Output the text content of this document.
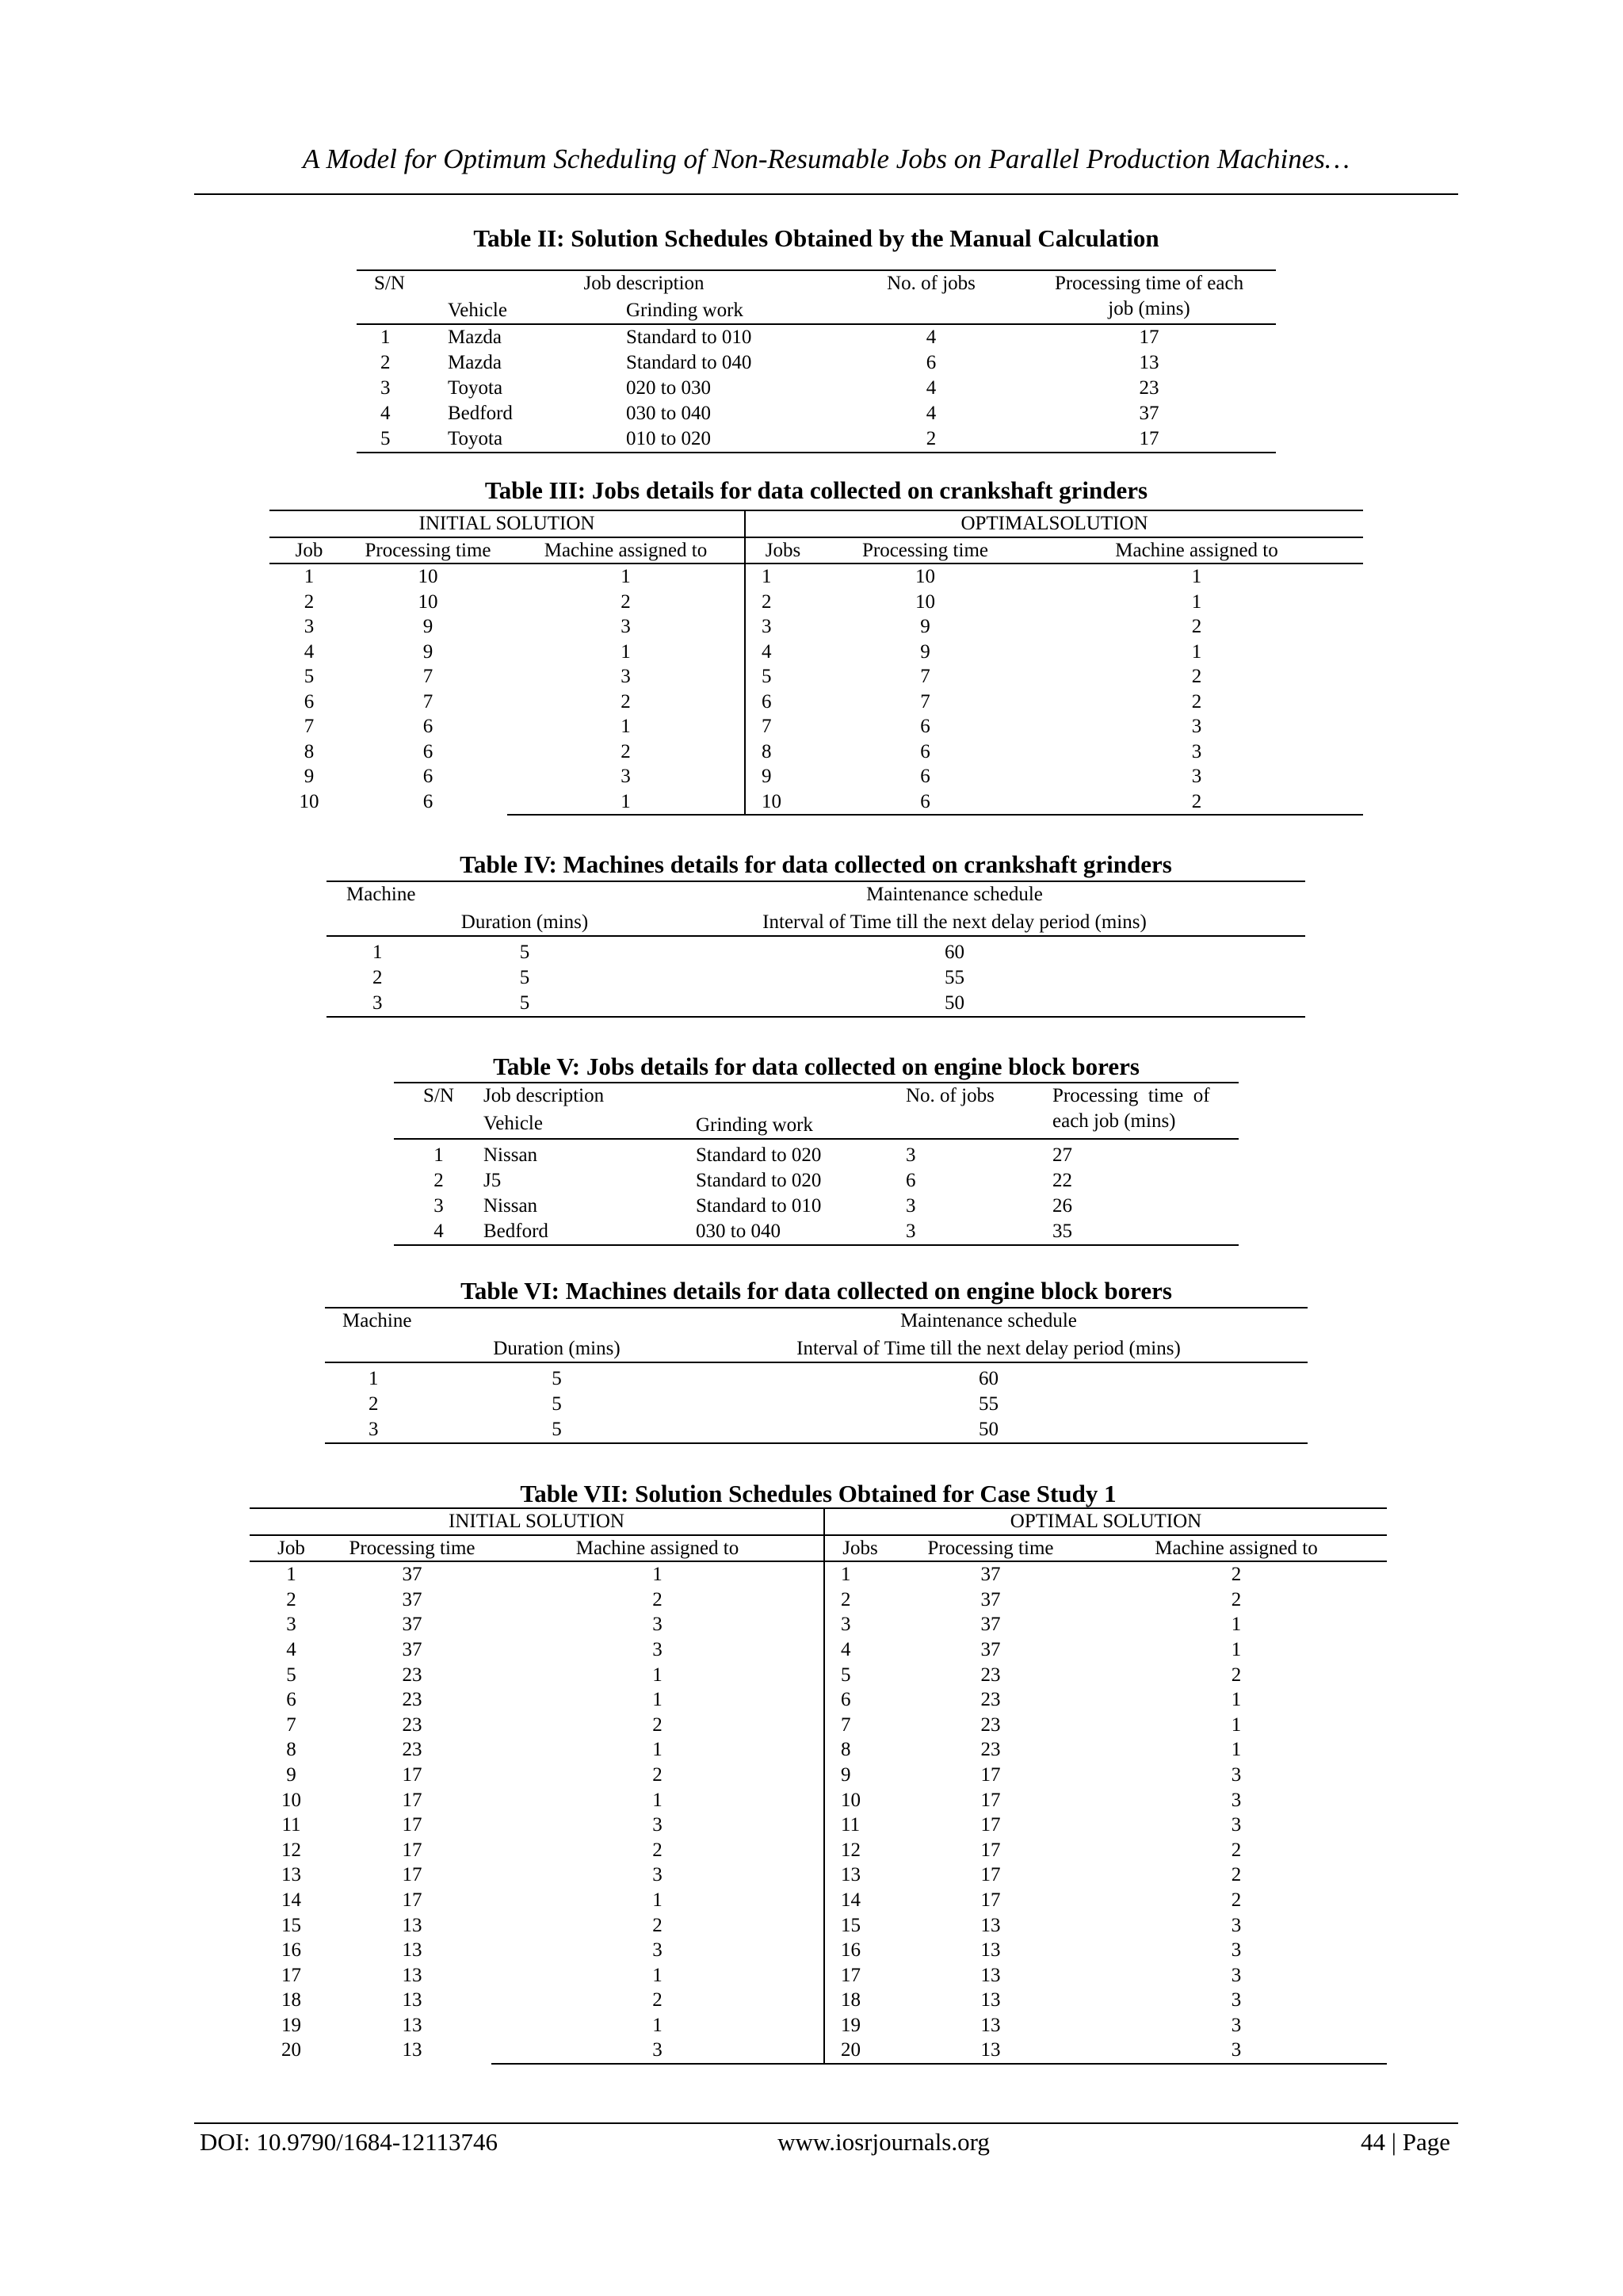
A Model for Optimum Scheduling of Non-Resumable Jobs on Parallel Production Machines…
Table II: Solution Schedules Obtained by the Manual Calculation
S/N	Job description		No. of jobs	Processing time of each
	Vehicle	Grinding work		job (mins)
1	Mazda	Standard to 010	4	17
2	Mazda	Standard to 040	6	13
3	Toyota	020 to 030	4	23
4	Bedford	030 to 040	4	37
5	Toyota	010 to 020	2	17
Table III: Jobs details for data collected on crankshaft grinders
INITIAL SOLUTION			OPTIMALSOLUTION		
Job	Processing time	Machine assigned to	Jobs	Processing time	Machine assigned to
1	10	1	1	10	1
2	10	2	2	10	1
3	9	3	3	9	2
4	9	1	4	9	1
5	7	3	5	7	2
6	7	2	6	7	2
7	6	1	7	6	3
8	6	2	8	6	3
9	6	3	9	6	3
10	6	1	10	6	2
Table IV: Machines details for data collected on crankshaft grinders
Machine		Maintenance schedule
	Duration (mins)	Interval of Time till the next delay period (mins)
1	5	60
2	5	55
3	5	50
Table V: Jobs details for data collected on engine block borers
S/N	Job description		No. of jobs	Processing  time  of
	Vehicle	Grinding work		each job (mins)
1	Nissan	Standard to 020	3	27
2	J5	Standard to 020	6	22
3	Nissan	Standard to 010	3	26
4	Bedford	030 to 040	3	35
Table VI: Machines details for data collected on engine block borers
Machine		Maintenance schedule
	Duration (mins)	Interval of Time till the next delay period (mins)
1	5	60
2	5	55
3	5	50
Table VII: Solution Schedules Obtained for Case Study 1
INITIAL SOLUTION			OPTIMAL SOLUTION		
Job	Processing time	Machine assigned to	Jobs	Processing time	Machine assigned to
1	37	1	1	37	2
2	37	2	2	37	2
3	37	3	3	37	1
4	37	3	4	37	1
5	23	1	5	23	2
6	23	1	6	23	1
7	23	2	7	23	1
8	23	1	8	23	1
9	17	2	9	17	3
10	17	1	10	17	3
11	17	3	11	17	3
12	17	2	12	17	2
13	17	3	13	17	2
14	17	1	14	17	2
15	13	2	15	13	3
16	13	3	16	13	3
17	13	1	17	13	3
18	13	2	18	13	3
19	13	1	19	13	3
20	13	3	20	13	3
DOI: 10.9790/1684-12113746	www.iosrjournals.org	44 | Page
